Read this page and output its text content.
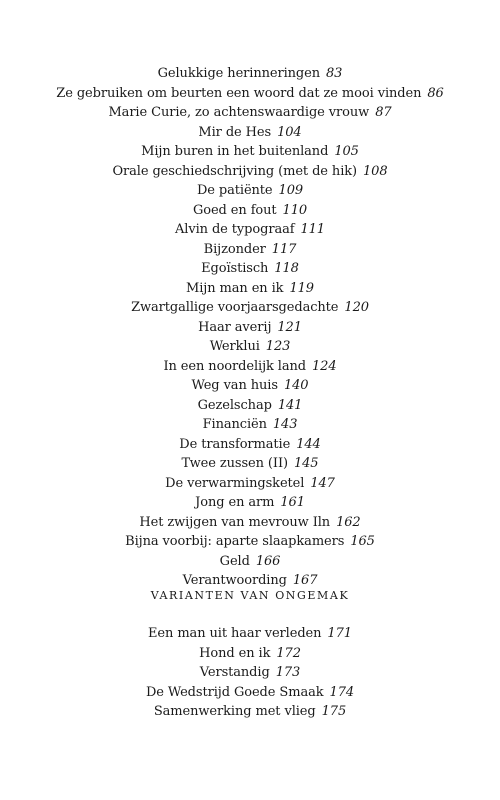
Gelukkige herinneringen 83
Ze gebruiken om beurten een woord dat ze mooi vinden 86
Marie Curie, zo achtenswaardige vrouw 87
Mir de Hes 104
Mijn buren in het buitenland 105
Orale geschiedschrijving (met de hik) 108
De patiënte 109
Goed en fout 110
Alvin de typograaf 111
Bijzonder 117
Egoïstisch 118
Mijn man en ik 119
Zwartgallige voorjaarsgedachte 120
Haar averij 121
Werklui 123
In een noordelijk land 124
Weg van huis 140
Gezelschap 141
Financiën 143
De transformatie 144
Twee zussen (II) 145
De verwarmingsketel 147
Jong en arm 161
Het zwijgen van mevrouw Iln 162
Bijna voorbij: aparte slaapkamers 165
Geld 166
Verantwoording 167
VARIANTEN VAN ONGEMAK
Een man uit haar verleden 171
Hond en ik 172
Verstandig 173
De Wedstrijd Goede Smaak 174
Samenwerking met vlieg 175
